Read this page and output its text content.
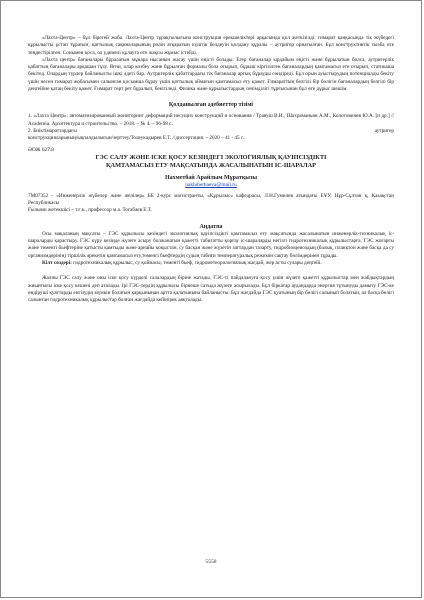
«Лахта-Центр» – бұл бірегей жоба. Лахта-Центр тұрақтылығына конструкция ерекшеліктері арқасында қол жеткізілді: гимарат қаңқасында тік жүйедегі құрылысты ұстап тұратын, қаттылық сақиналарының рөлін атқаратын күштік белдеуін қолдану құралы – аутригер орнатылған. Бұл конструктивтік сызба өте теңдестірілген. Сонымен қоса, ол үдемелі құлауға өте жақсы жұмыс істейді.

«Лахта центр» бағаналары бұралатын мұнара нысанын жасау үшін еңісті болады. Егер бағаналар ырдайым еңісті және бұрылатын болса, аутригерлік қабаттың бағаналары арқашан тұзу. Яғни, олар козбеу және бұрылған формалы бола отырып, бұрыш кіргізілген бағаналардың қамтамасыз ете отырып, статикаша бекітед. Олардың түрлер байланысты ішкі әдеті бар. Аутригерлік қабаттардағы тік бағаналар артық бұрауды сөндіреді. Бұл орын ауыстырудың потенциалды бекіту үшін несен гимарат жобасымен салынған қосымша бұрау үшін қаттылық аймағын қамтамасыз ету қажет. Ғимараттың белгілі бір бөлігін бағаналардың белгілі бір деңгейіне қатаң бекіту қажет. Ғимарат төрт рет бұралып, бекітіледі. Физика және құрылыстардың сенімділігі тұрғысынан бұл өте дұрыс шешім.

Қолданылған әдебиеттер тізімі

1. «Лахта Центр»: автоматизированный мониторинг деформаций несущих конструкций и основания / Травуш В.И., Шахраманьян А.М., Колотовичев Ю.А. [и др.] // Academia. Архитектура и строительство. – 2018. – № 4. – 96-98 с.

2. Биіктімараттардағы	аутригер

конструкцияларының/ықпалдылығын/зерттеу/Толеукадырев Е.Т. //диссертация. – 2020 – 41 - 45 с.

ӘОЖ 627.8
ГЭС САЛУ ЖӘНЕ ІСКЕ ҚОСУ КЕЗІНДЕГІ ЭКОЛОГИЯЛЫҚ ҚАУІПСІЗДІКТІ
ҚАМТАМАСЫЗ ЕТУ МАҚСАТЫНДА ЖАСАЛЫНАТЫН ІС-ШАРАЛАР
Нахметбай Арайлым Мұратқызы
nakhmetbaeva@mail.ru

7М07352 - «Инженерлік жүйелер және желілер» ББ 2-курс магистранты, «Құрылыс» кафедрасы, Л.Н.Гумилев атындағы ЕҰУ, Нұр-Сұлтан қ, Қазақстан Республикасы

Ғылыми жетекшісі – т.ғ.к., профессор м.а. Тогабаев Е.Т.

Аңдатпа

Осы мақаланың мақсаты – ГЭС құрылысы кезіндегі экологиялық қауіпсіздікті қамтамасыз ету мақсатында жасалынатын инженерлік-техникалық іс-шараларды қарастыру. ГЭС күру кезінде жүзеге асыру болжанатын қажетті табиғатты қорғау іс-шараларды негізгі гидротехникалық құрылыстарға, ГЭС жоғарғы және төменгі бьефтеріне қатысты қамтыды және арнайы қоқыстан, су басқан және жүзетін заттардан тазарту, гидробиоценоздың (балық, планктон және басқа да су организмдерінің) тіршілік әрекетін қамтамасыз ету,төменгі бьефтердің судың табиғи температуралық режимін сақтау бөлімдерінен тұрады.

Кілт сөздері: гидротехникалық құрылыс, су қоймасы, төменгі бьеф, гидрометеорологиялық жағдай, жер асты сулары деңгейі.

Жалпы ГЭС салу және оны іске қосу күрделі салалардың біріне жатады. ГЭС-ті пайдалануға қосу үшін жүзеге қажетті құрылыстар мен жабдықтардың жиынтығы іске қосу кешені деп аталады. Ірі ГЭС-тердің құрылысы бірнеше сатыда жүзеге асырылады. Бұл біркатар аудандарда энергия тұтынуды дамыту ГЭС-ке өндірушi қуаттарды енгізудің мүмкін болатын қарқынынан артта қалатынына байланысты. Бұл жағдайда ГЭС қуатының бір бөлігі салынып болатын, ал басқа бөлігі салынған гидротехникалық құрылыстар болған жағдайда кейінірек аяқталады.

5558
